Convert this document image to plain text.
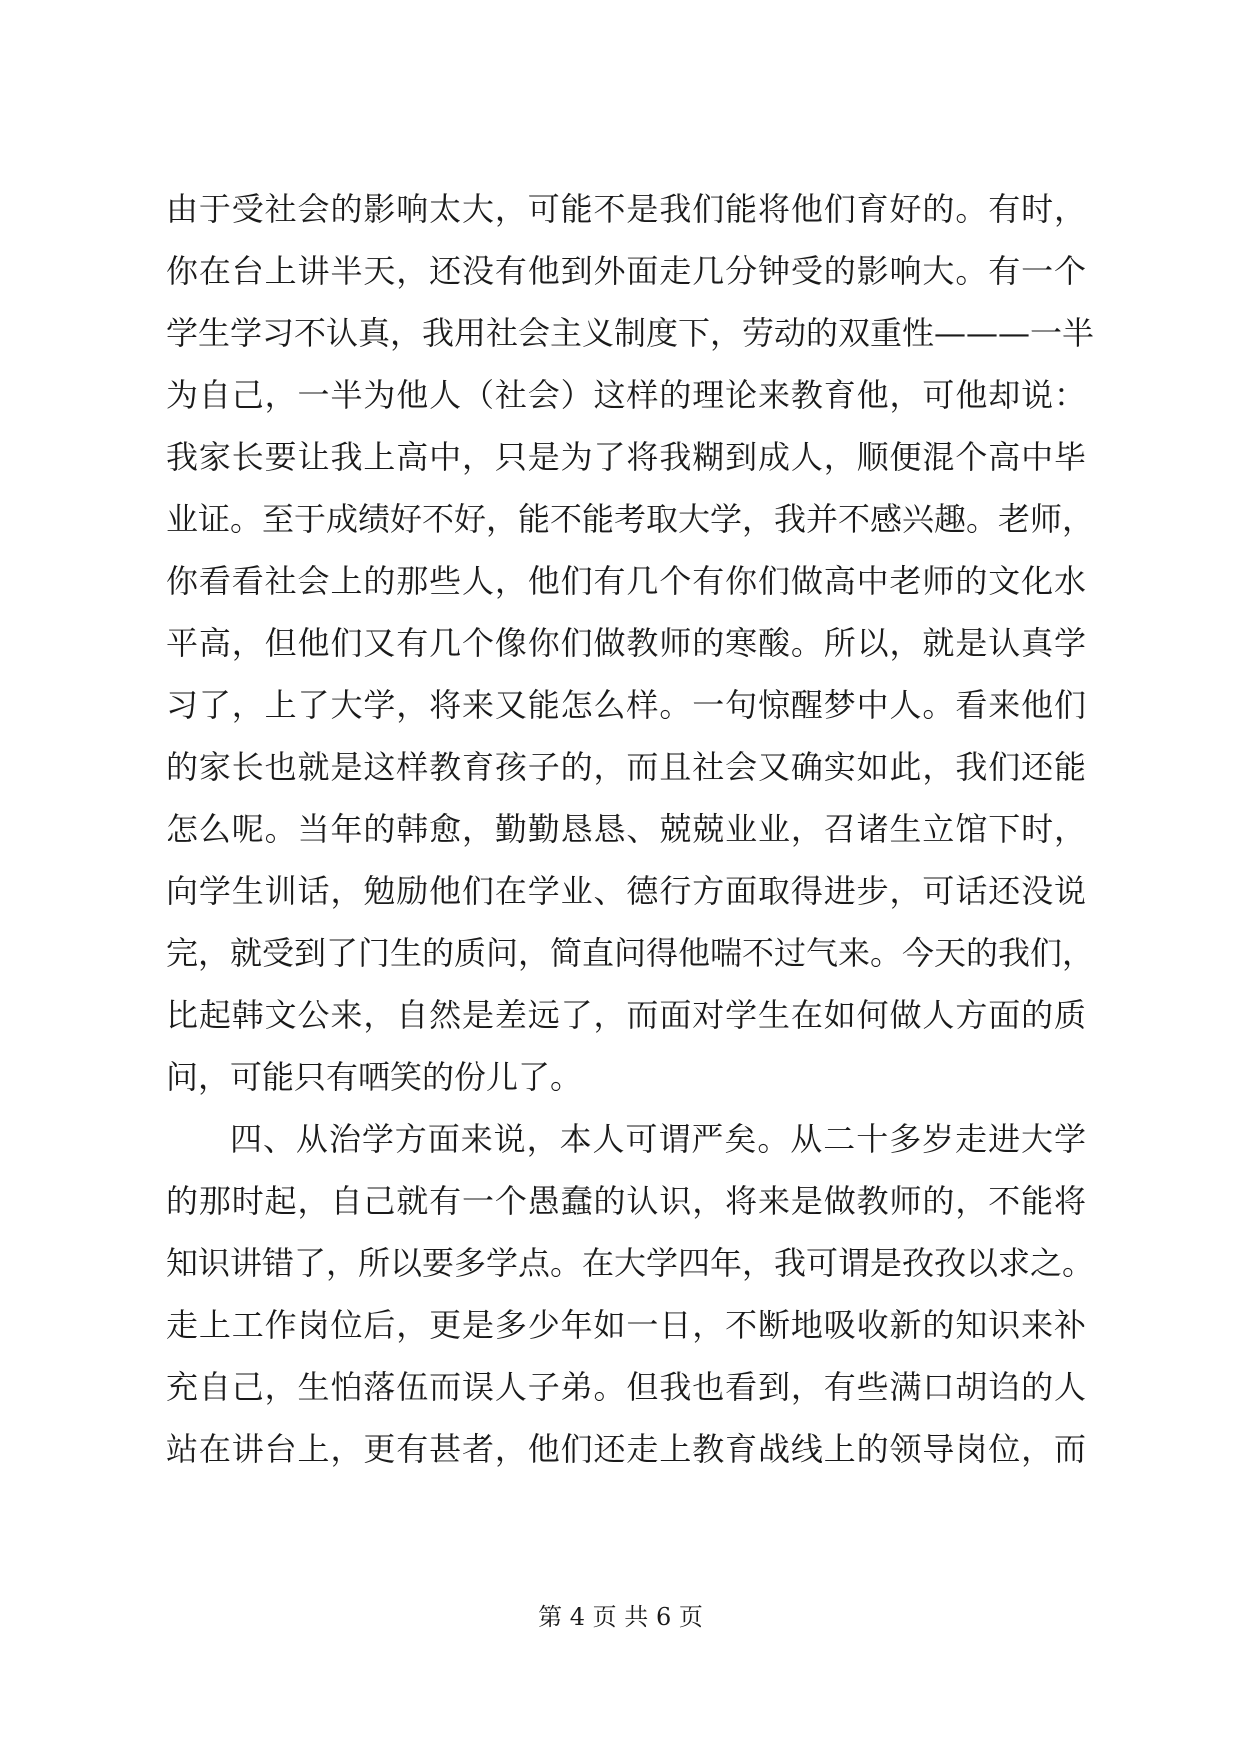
由于受社会的影响太大，可能不是我们能将他们育好的。有时，
你在台上讲半天，还没有他到外面走几分钟受的影响大。有一个
学生学习不认真，我用社会主义制度下，劳动的双重性———一半
为自己，一半为他人（社会）这样的理论来教育他，可他却说：
我家长要让我上高中，只是为了将我糊到成人，顺便混个高中毕
业证。至于成绩好不好，能不能考取大学，我并不感兴趣。老师，
你看看社会上的那些人，他们有几个有你们做高中老师的文化水
平高，但他们又有几个像你们做教师的寒酸。所以，就是认真学
习了，上了大学，将来又能怎么样。一句惊醒梦中人。看来他们
的家长也就是这样教育孩子的，而且社会又确实如此，我们还能
怎么呢。当年的韩愈，勤勤恳恳、兢兢业业，召诸生立馆下时，
向学生训话，勉励他们在学业、德行方面取得进步，可话还没说
完，就受到了门生的质问，简直问得他喘不过气来。今天的我们，
比起韩文公来，自然是差远了，而面对学生在如何做人方面的质
问，可能只有哂笑的份儿了。
四、从治学方面来说，本人可谓严矣。从二十多岁走进大学
的那时起，自己就有一个愚蠢的认识，将来是做教师的，不能将
知识讲错了，所以要多学点。在大学四年，我可谓是孜孜以求之。
走上工作岗位后，更是多少年如一日，不断地吸收新的知识来补
充自己，生怕落伍而误人子弟。但我也看到，有些满口胡诌的人
站在讲台上，更有甚者，他们还走上教育战线上的领导岗位，而
第 4 页 共 6 页
